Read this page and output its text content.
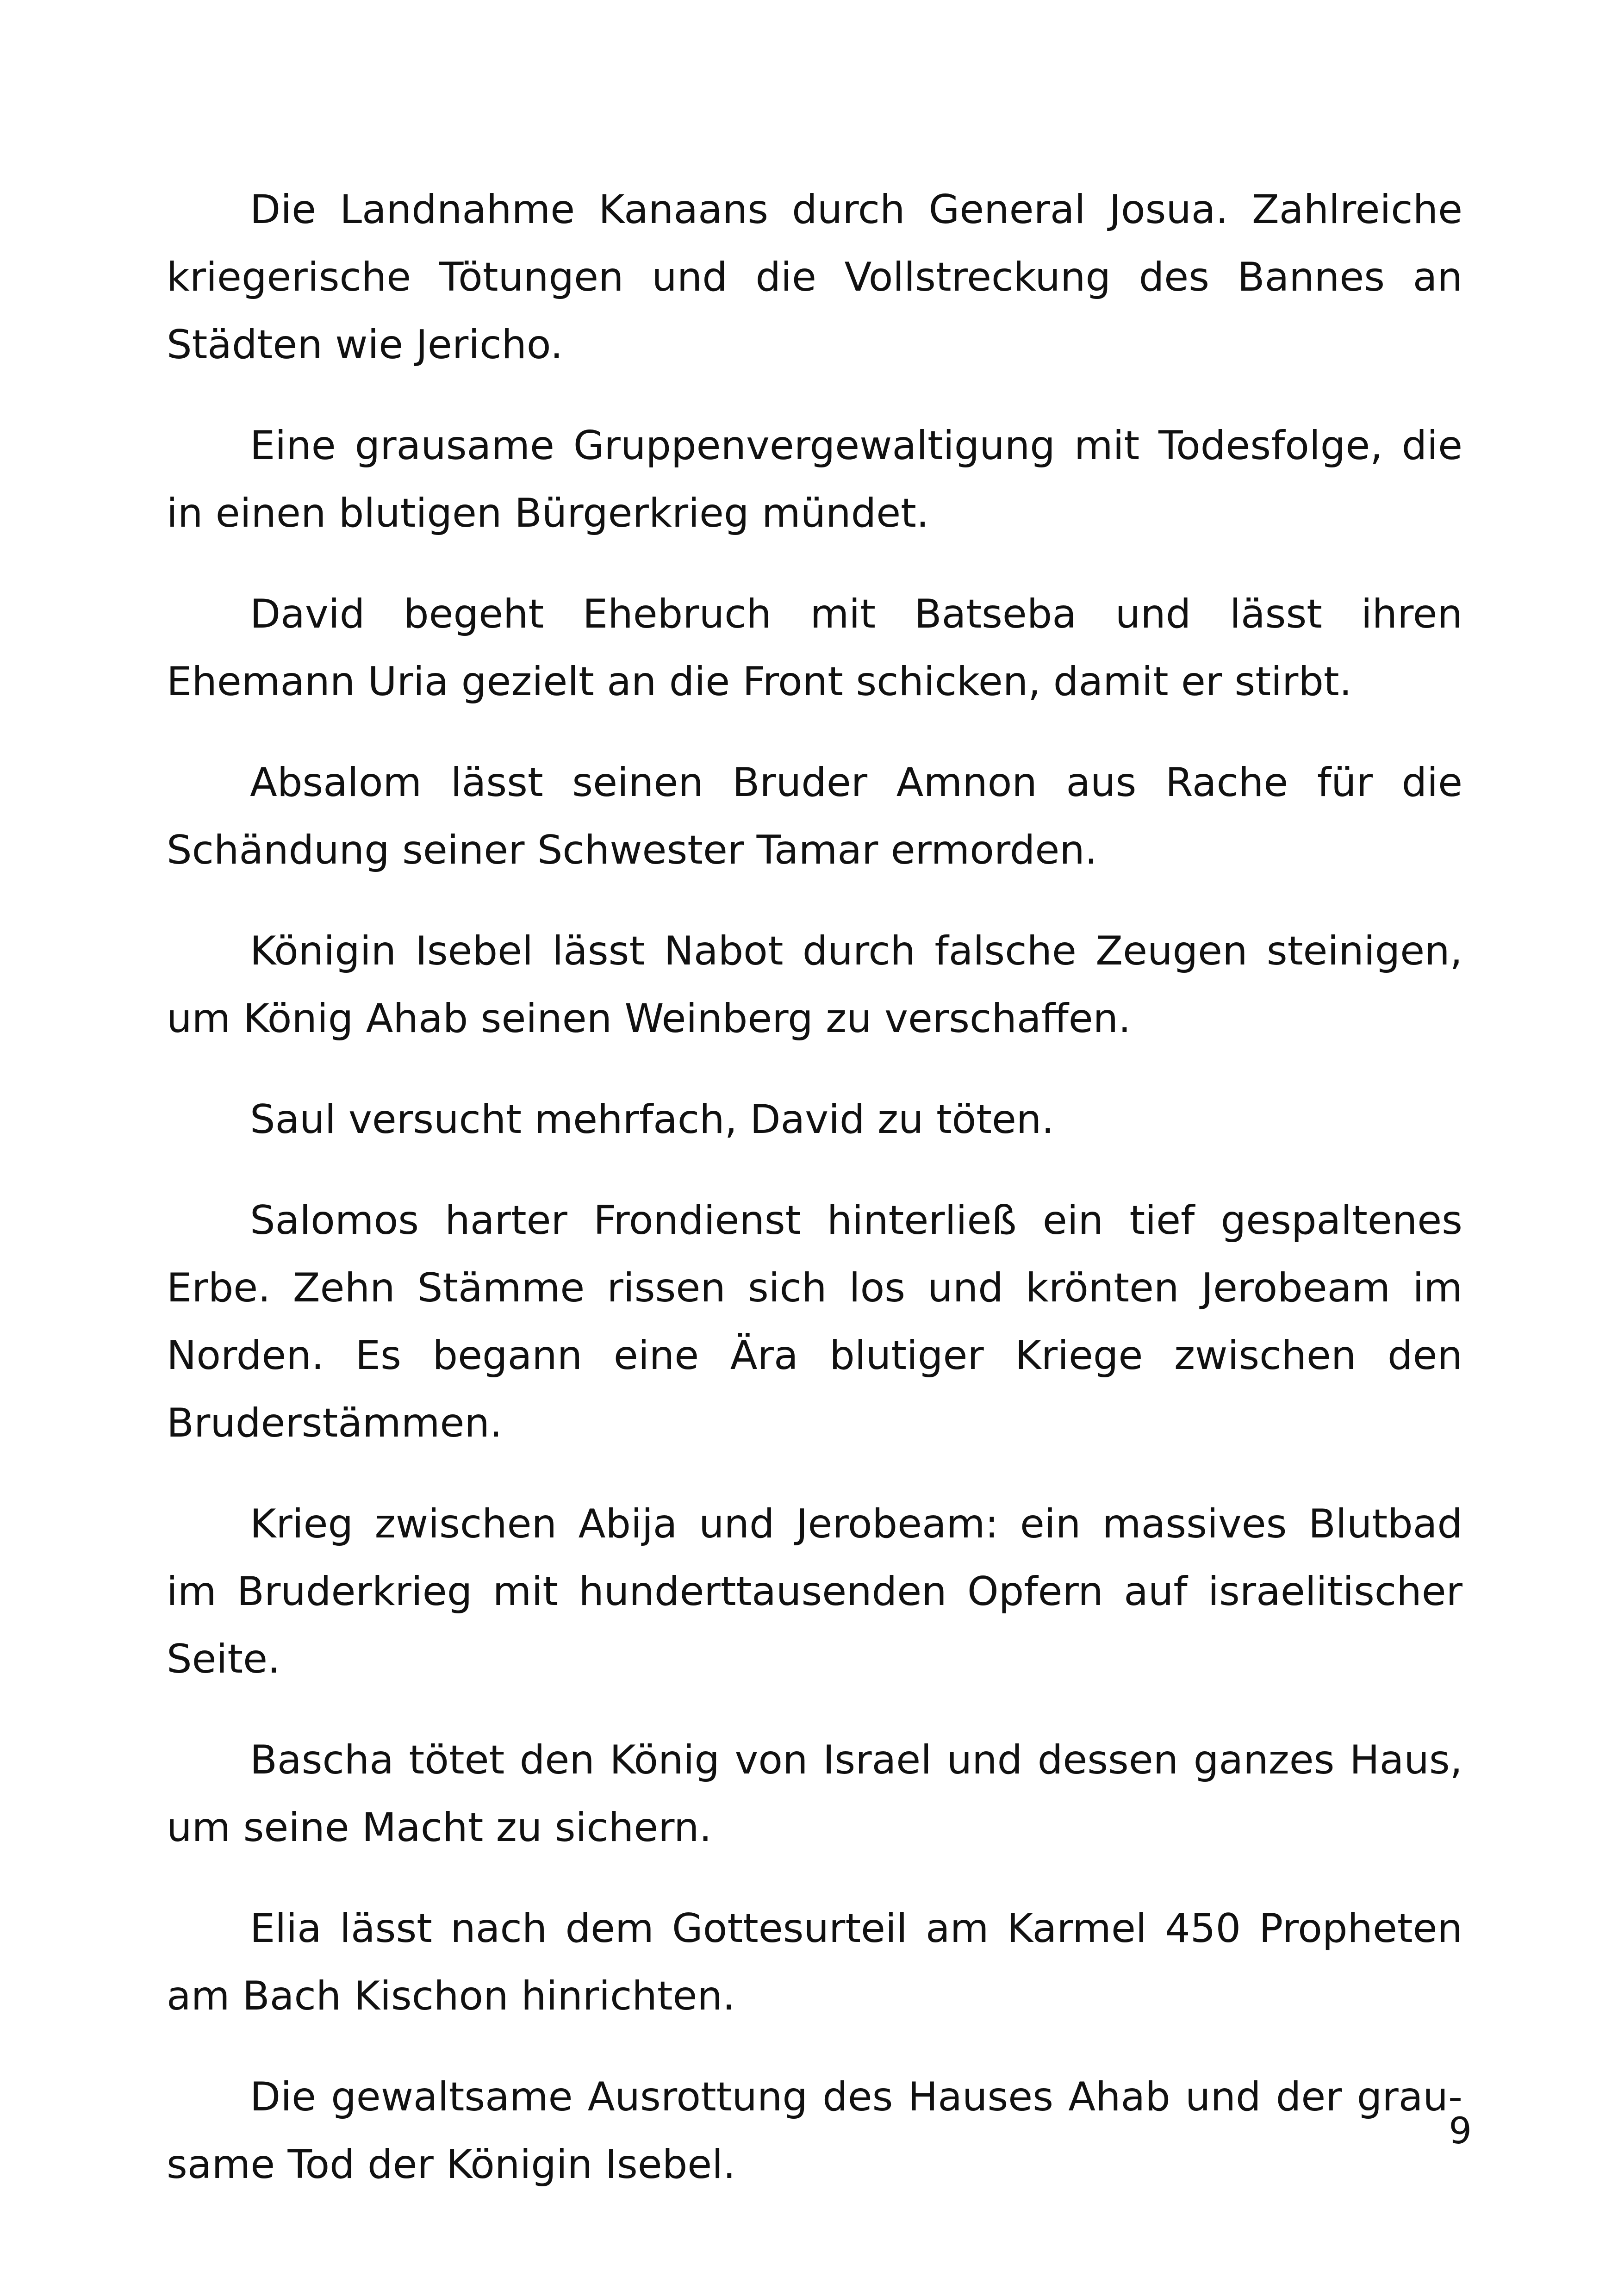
Die Landnahme Kanaans durch General Josua. Zahlreiche kriegerische Tötungen und die Vollstreckung des Bannes an Städten wie Jericho.

Eine grausame Gruppenvergewaltigung mit Todesfolge, die in einen blutigen Bürgerkrieg mündet.

David begeht Ehebruch mit Batseba und lässt ihren Ehemann Uria gezielt an die Front schicken, damit er stirbt.

Absalom lässt seinen Bruder Amnon aus Rache für die Schändung seiner Schwester Tamar ermorden.

Königin Isebel lässt Nabot durch falsche Zeugen steinigen, um König Ahab seinen Weinberg zu verschaffen.

Saul versucht mehrfach, David zu töten.

Salomos harter Frondienst hinterließ ein tief gespaltenes Erbe. Zehn Stämme rissen sich los und krönten Jerobeam im Norden. Es begann eine Ära blutiger Kriege zwischen den Bruderstämmen.

Krieg zwischen Abija und Jerobeam: ein massives Blutbad im Bruderkrieg mit hunderttausenden Opfern auf israelitischer Seite.

Bascha tötet den König von Israel und dessen ganzes Haus, um seine Macht zu sichern.

Elia lässt nach dem Gottesurteil am Karmel 450 Propheten am Bach Kischon hinrichten.

Die gewaltsame Ausrottung des Hauses Ahab und der grausame Tod der Königin Isebel.

9
